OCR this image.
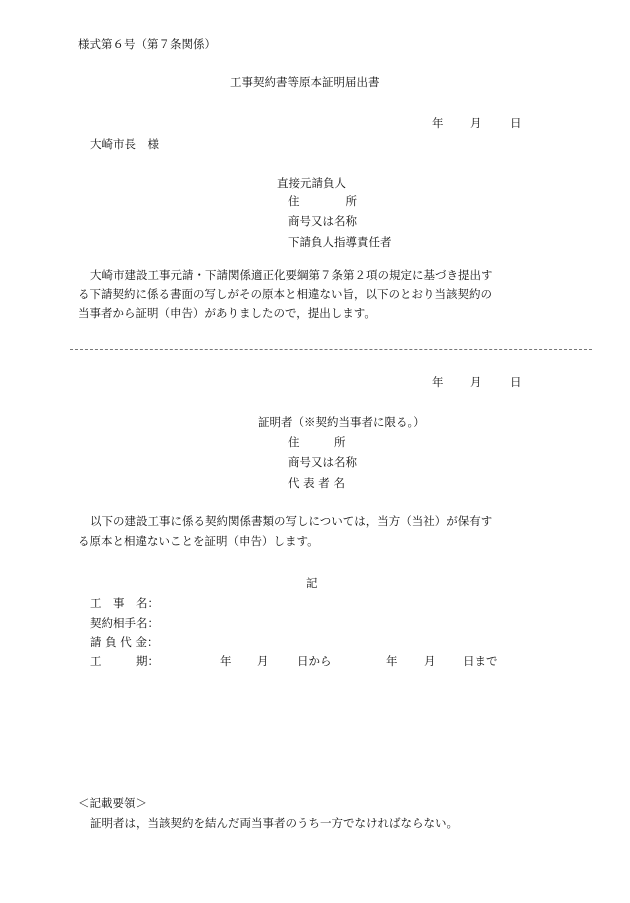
様式第６号（第７条関係）
工事契約書等原本証明届出書
年 月 日
大崎市長　様
直接元請負人
住　　　　所
商号又は名称
下請負人指導責任者
大崎市建設工事元請・下請関係適正化要綱第７条第２項の規定に基づき提出す
る下請契約に係る書面の写しがその原本と相違ない旨，以下のとおり当該契約の
当事者から証明（申告）がありましたので，提出します。
年 月 日
証明者（※契約当事者に限る。）
住　　　所
商号又は名称
代 表 者 名
以下の建設工事に係る契約関係書類の写しについては，当方（当社）が保有す
る原本と相違ないことを証明（申告）します。
記
工　事　名：
契約相手名：
請 負 代 金：
工　　　期：	年 月 日から	年 月 日まで
＜記載要領＞
証明者は，当該契約を結んだ両当事者のうち一方でなければならない。
